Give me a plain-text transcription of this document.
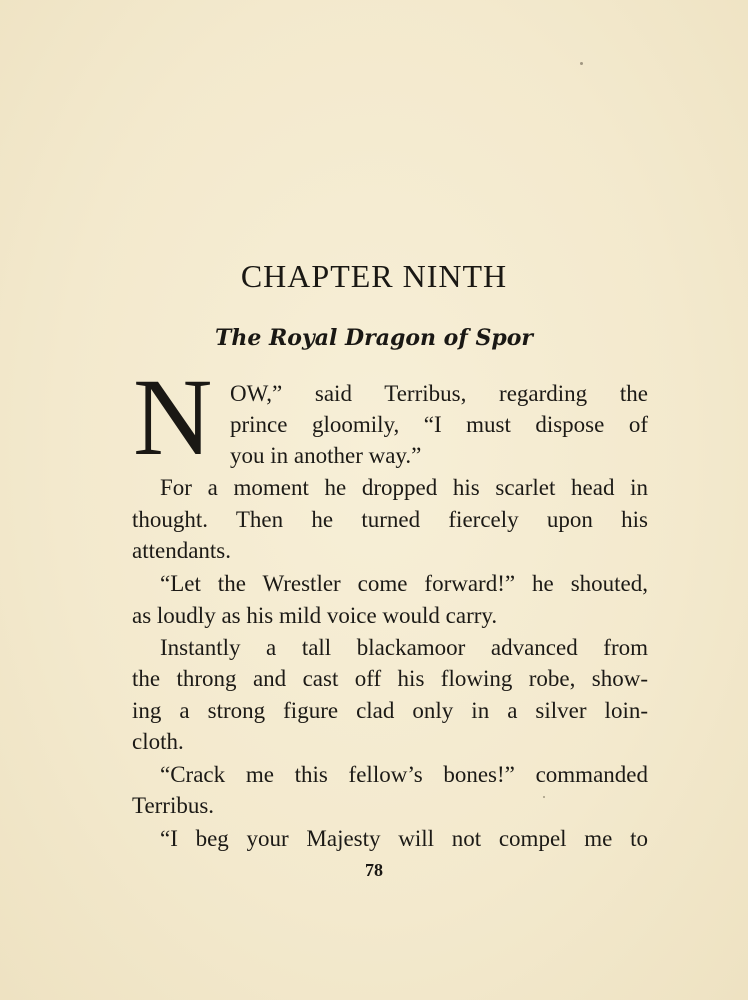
CHAPTER NINTH
The Royal Dragon of Spor
N OW,” said Terribus, regarding the
prince gloomily, “I must dispose of
you in another way.”
For a moment he dropped his scarlet head in
thought. Then he turned fiercely upon his
attendants.
“Let the Wrestler come forward!” he shouted,
as loudly as his mild voice would carry.
Instantly a tall blackamoor advanced from
the throng and cast off his flowing robe, show-
ing a strong figure clad only in a silver loin-
cloth.
“Crack me this fellow’s bones!” commanded
Terribus.
“I beg your Majesty will not compel me to
78
